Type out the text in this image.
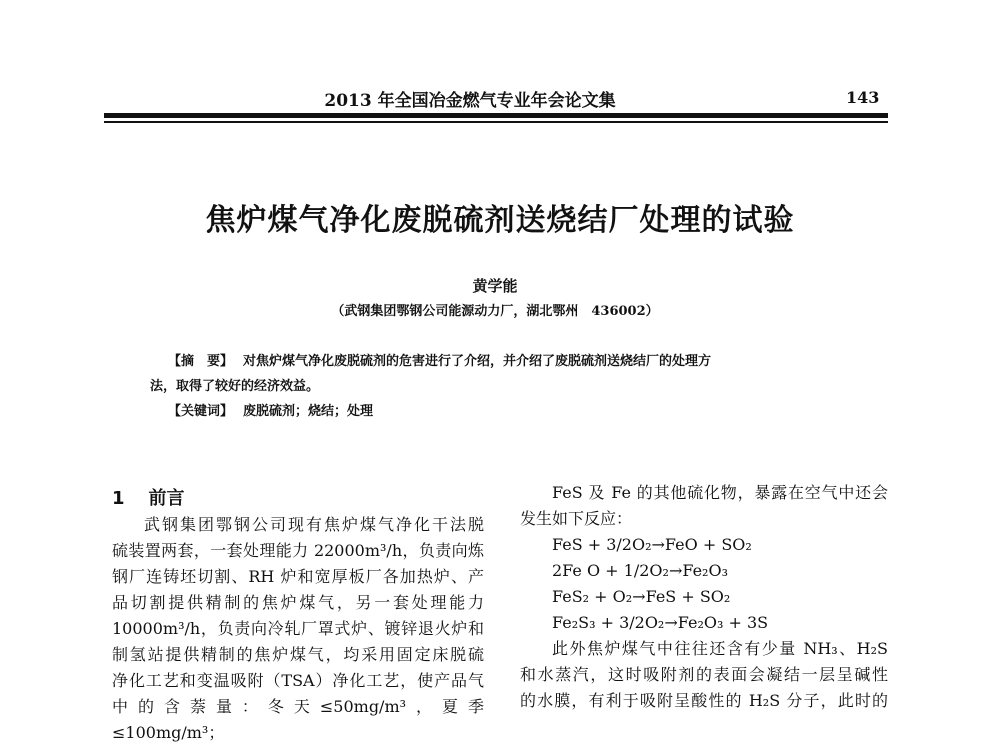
2013 年全国冶金燃气专业年会论文集	143
焦炉煤气净化废脱硫剂送烧结厂处理的试验
黄学能
（武钢集团鄂钢公司能源动力厂，湖北鄂州　436002）
【摘　要】 对焦炉煤气净化废脱硫剂的危害进行了介绍，并介绍了废脱硫剂送烧结厂的处理方
法，取得了较好的经济效益。
【关键词】 废脱硫剂；烧结；处理
1 前言
武钢集团鄂钢公司现有焦炉煤气净化干法脱
硫装置两套，一套处理能力 22000m³/h，负责向炼
钢厂连铸坯切割、RH 炉和宽厚板厂各加热炉、产
品切割提供精制的焦炉煤气，另一套处理能力
10000m³/h，负责向冷轧厂罩式炉、镀锌退火炉和
制氢站提供精制的焦炉煤气，均采用固定床脱硫
净化工艺和变温吸附（TSA）净化工艺，使产品气
中的含萘量：冬天≤50mg/m³，夏季≤100mg/m³；
FeS 及 Fe 的其他硫化物，暴露在空气中还会
发生如下反应：
FeS + 3/2O₂→FeO + SO₂
2Fe O + 1/2O₂→Fe₂O₃
FeS₂ + O₂→FeS + SO₂
Fe₂S₃ + 3/2O₂→Fe₂O₃ + 3S
此外焦炉煤气中往往还含有少量 NH₃、H₂S
和水蒸汽，这时吸附剂的表面会凝结一层呈碱性
的水膜，有利于吸附呈酸性的 H₂S 分子，此时的
